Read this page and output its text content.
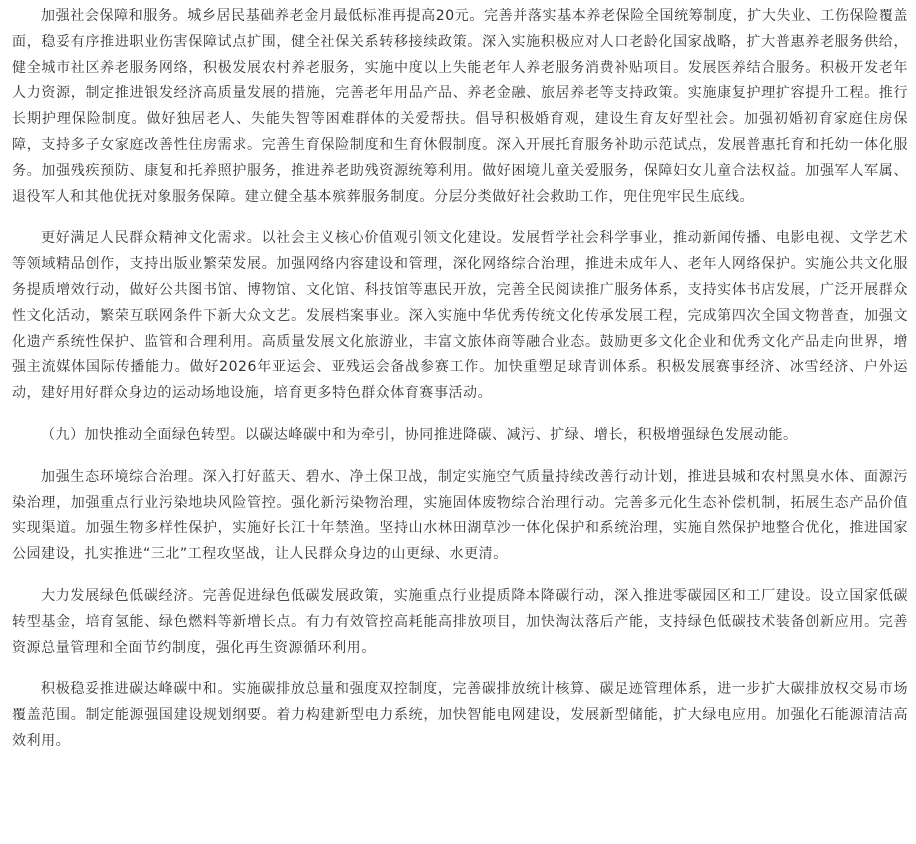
加强社会保障和服务。城乡居民基础养老金月最低标准再提高20元。完善并落实基本养老保险全国统筹制度，扩大失业、工伤保险覆盖面，稳妥有序推进职业伤害保障试点扩围，健全社保关系转移接续政策。深入实施积极应对人口老龄化国家战略，扩大普惠养老服务供给，健全城市社区养老服务网络，积极发展农村养老服务，实施中度以上失能老年人养老服务消费补贴项目。发展医养结合服务。积极开发老年人力资源，制定推进银发经济高质量发展的措施，完善老年用品产品、养老金融、旅居养老等支持政策。实施康复护理扩容提升工程。推行长期护理保险制度。做好独居老人、失能失智等困难群体的关爱帮扶。倡导积极婚育观，建设生育友好型社会。加强初婚初育家庭住房保障，支持多子女家庭改善性住房需求。完善生育保险制度和生育休假制度。深入开展托育服务补助示范试点，发展普惠托育和托幼一体化服务。加强残疾预防、康复和托养照护服务，推进养老助残资源统筹利用。做好困境儿童关爱服务，保障妇女儿童合法权益。加强军人军属、退役军人和其他优抚对象服务保障。建立健全基本殡葬服务制度。分层分类做好社会救助工作，兜住兜牢民生底线。

更好满足人民群众精神文化需求。以社会主义核心价值观引领文化建设。发展哲学社会科学事业，推动新闻传播、电影电视、文学艺术等领域精品创作，支持出版业繁荣发展。加强网络内容建设和管理，深化网络综合治理，推进未成年人、老年人网络保护。实施公共文化服务提质增效行动，做好公共图书馆、博物馆、文化馆、科技馆等惠民开放，完善全民阅读推广服务体系，支持实体书店发展，广泛开展群众性文化活动，繁荣互联网条件下新大众文艺。发展档案事业。深入实施中华优秀传统文化传承发展工程，完成第四次全国文物普查，加强文化遗产系统性保护、监管和合理利用。高质量发展文化旅游业，丰富文旅体商等融合业态。鼓励更多文化企业和优秀文化产品走向世界，增强主流媒体国际传播能力。做好2026年亚运会、亚残运会备战参赛工作。加快重塑足球青训体系。积极发展赛事经济、冰雪经济、户外运动，建好用好群众身边的运动场地设施，培育更多特色群众体育赛事活动。

（九）加快推动全面绿色转型。以碳达峰碳中和为牵引，协同推进降碳、减污、扩绿、增长，积极增强绿色发展动能。

加强生态环境综合治理。深入打好蓝天、碧水、净土保卫战，制定实施空气质量持续改善行动计划，推进县城和农村黑臭水体、面源污染治理，加强重点行业污染地块风险管控。强化新污染物治理，实施固体废物综合治理行动。完善多元化生态补偿机制，拓展生态产品价值实现渠道。加强生物多样性保护，实施好长江十年禁渔。坚持山水林田湖草沙一体化保护和系统治理，实施自然保护地整合优化，推进国家公园建设，扎实推进“三北”工程攻坚战，让人民群众身边的山更绿、水更清。

大力发展绿色低碳经济。完善促进绿色低碳发展政策，实施重点行业提质降本降碳行动，深入推进零碳园区和工厂建设。设立国家低碳转型基金，培育氢能、绿色燃料等新增长点。有力有效管控高耗能高排放项目，加快淘汰落后产能，支持绿色低碳技术装备创新应用。完善资源总量管理和全面节约制度，强化再生资源循环利用。

积极稳妥推进碳达峰碳中和。实施碳排放总量和强度双控制度，完善碳排放统计核算、碳足迹管理体系，进一步扩大碳排放权交易市场覆盖范围。制定能源强国建设规划纲要。着力构建新型电力系统，加快智能电网建设，发展新型储能，扩大绿电应用。加强化石能源清洁高效利用。
